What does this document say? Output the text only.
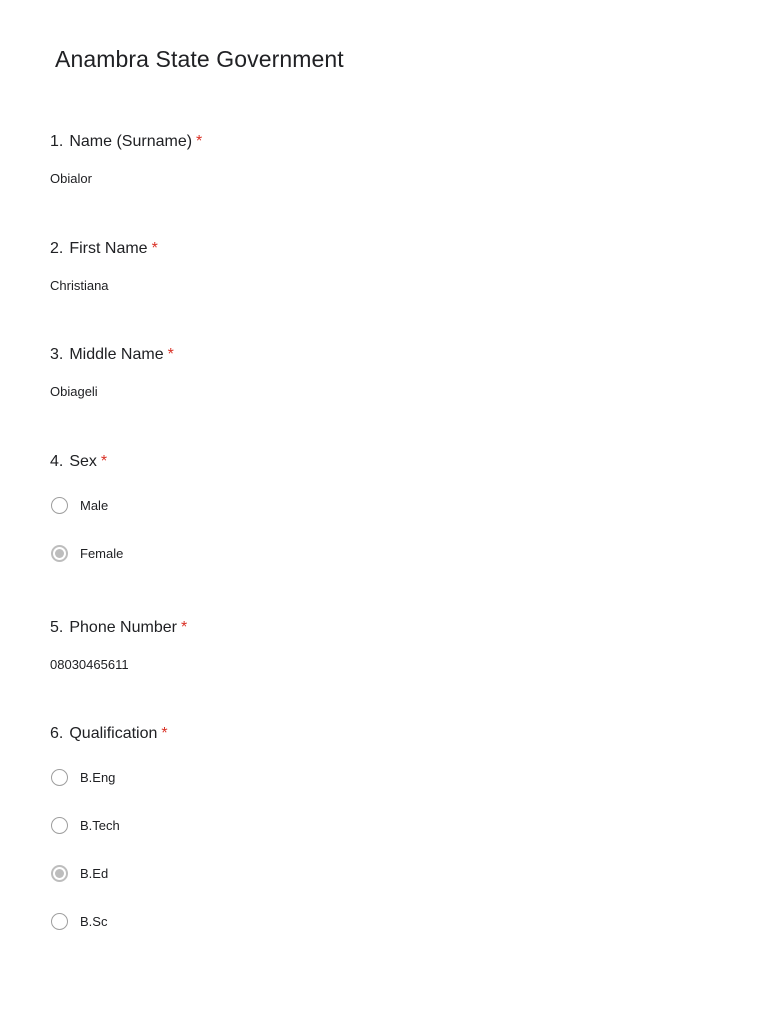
Anambra State Government
1. Name (Surname) *
Obialor
2. First Name *
Christiana
3. Middle Name *
Obiageli
4. Sex *
Male
Female
5. Phone Number *
08030465611
6. Qualification *
B.Eng
B.Tech
B.Ed
B.Sc
